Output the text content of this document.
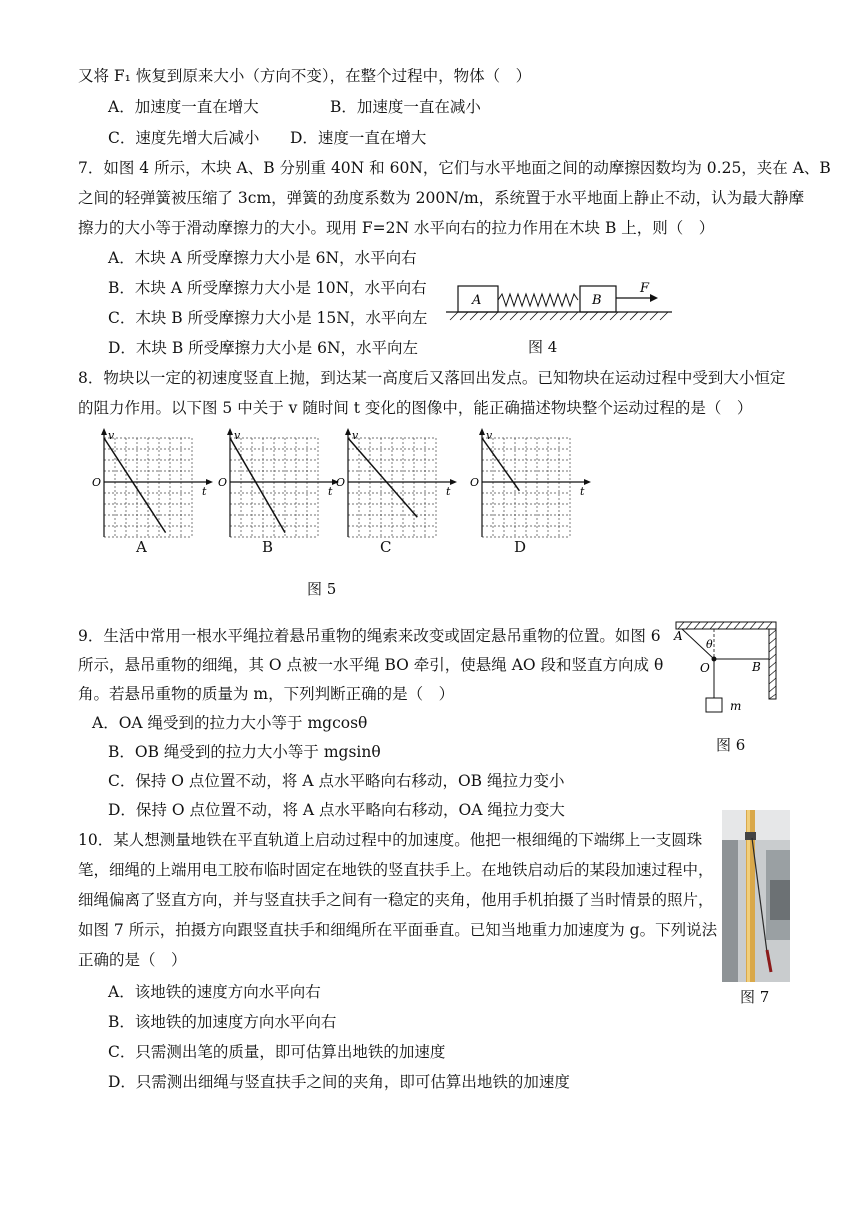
又将 F₁ 恢复到原来大小（方向不变），在整个过程中，物体（　）
A．加速度一直在增大	B．加速度一直在减小
C．速度先增大后减小 D．速度一直在增大
7．如图 4 所示，木块 A、B 分别重 40N 和 60N，它们与水平地面之间的动摩擦因数均为 0.25，夹在 A、B
之间的轻弹簧被压缩了 3cm，弹簧的劲度系数为 200N/m，系统置于水平地面上静止不动，认为最大静摩
擦力的大小等于滑动摩擦力的大小。现用 F=2N 水平向右的拉力作用在木块 B 上，则（　）
A．木块 A 所受摩擦力大小是 6N，水平向右
B．木块 A 所受摩擦力大小是 10N，水平向右
C．木块 B 所受摩擦力大小是 15N，水平向左
D．木块 B 所受摩擦力大小是 6N，水平向左
A	B
F
图 4
8．物块以一定的初速度竖直上抛，到达某一高度后又落回出发点。已知物块在运动过程中受到大小恒定
的阻力作用。以下图 5 中关于 v 随时间 t 变化的图像中，能正确描述物块整个运动过程的是（　）
v
t
O
A
v
t
O
B
v
t
O
C
v
t
O
D
图 5
9．生活中常用一根水平绳拉着悬吊重物的绳索来改变或固定悬吊重物的位置。如图 6
所示，悬吊重物的细绳，其 O 点被一水平绳 BO 牵引，使悬绳 AO 段和竖直方向成 θ
角。若悬吊重物的质量为 m，下列判断正确的是（　）
A．OA 绳受到的拉力大小等于 mgcosθ
B．OB 绳受到的拉力大小等于 mgsinθ
C．保持 O 点位置不动，将 A 点水平略向右移动，OB 绳拉力变小
D．保持 O 点位置不动，将 A 点水平略向右移动，OA 绳拉力变大
A
θ
O	B
m
图 6
10．某人想测量地铁在平直轨道上启动过程中的加速度。他把一根细绳的下端绑上一支圆珠
笔，细绳的上端用电工胶布临时固定在地铁的竖直扶手上。在地铁启动后的某段加速过程中，
细绳偏离了竖直方向，并与竖直扶手之间有一稳定的夹角，他用手机拍摄了当时情景的照片，
如图 7 所示，拍摄方向跟竖直扶手和细绳所在平面垂直。已知当地重力加速度为 g。下列说法
正确的是（　）
A．该地铁的速度方向水平向右
B．该地铁的加速度方向水平向右
C．只需测出笔的质量，即可估算出地铁的加速度
D．只需测出细绳与竖直扶手之间的夹角，即可估算出地铁的加速度
图 7
